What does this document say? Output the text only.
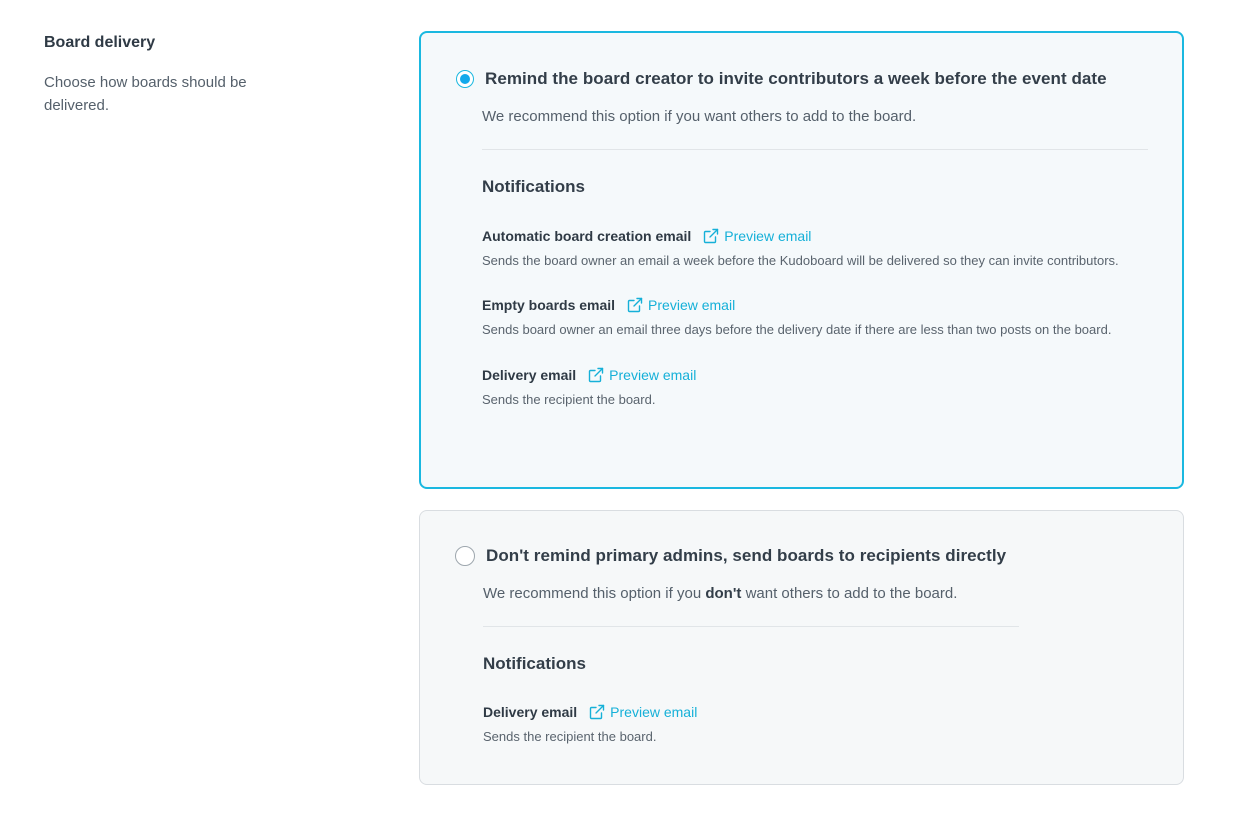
Board delivery
Choose how boards should be delivered.
Remind the board creator to invite contributors a week before the event date
We recommend this option if you want others to add to the board.
Notifications
Automatic board creation email Preview email
Sends the board owner an email a week before the Kudoboard will be delivered so they can invite contributors.
Empty boards email Preview email
Sends board owner an email three days before the delivery date if there are less than two posts on the board.
Delivery email Preview email
Sends the recipient the board.
Don't remind primary admins, send boards to recipients directly
We recommend this option if you don't want others to add to the board.
Notifications
Delivery email Preview email
Sends the recipient the board.
